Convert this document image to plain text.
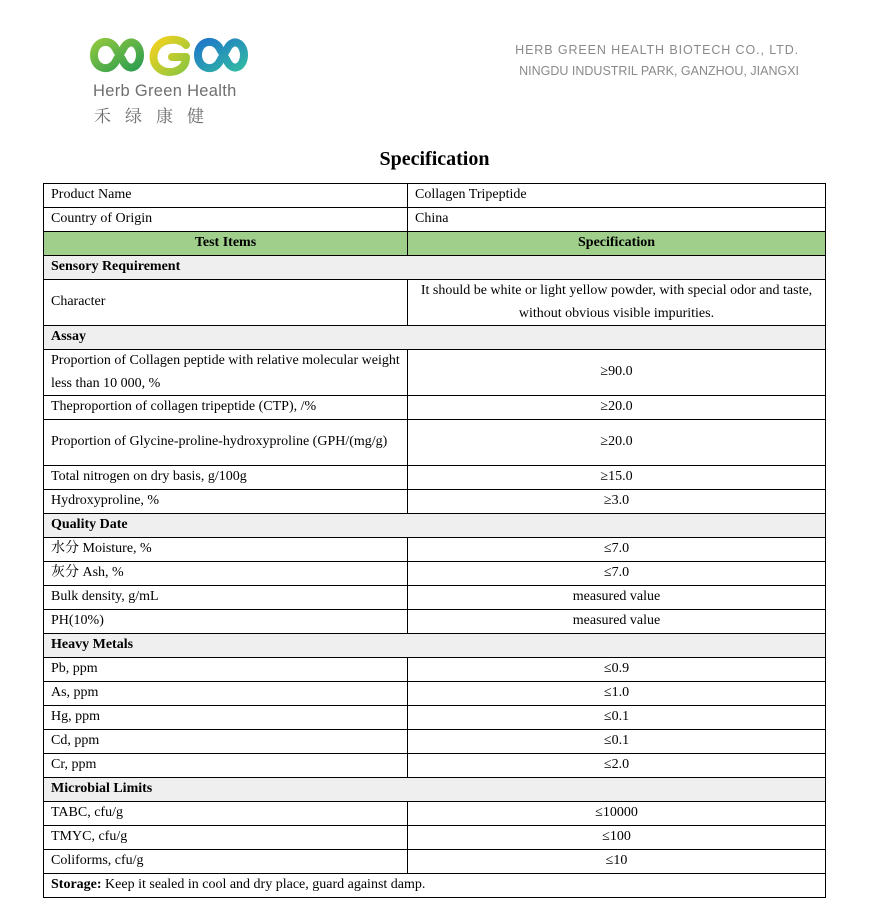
Herb Green Health
禾绿康健
HERB GREEN HEALTH BIOTECH CO., LTD.
NINGDU INDUSTRIL PARK, GANZHOU, JIANGXI
Specification
Product Name	Collagen Tripeptide
Country of Origin	China
Test Items	Specification
Sensory Requirement	
Character	It should be white or light yellow powder, with special odor and taste, without obvious visible impurities.
Assay	
Proportion of Collagen peptide with relative molecular weight less than 10 000, %	≥90.0
Theproportion of collagen tripeptide (CTP), /%	≥20.0
Proportion of Glycine-proline-hydroxyproline (GPH/(mg/g)	≥20.0
Total nitrogen on dry basis, g/100g	≥15.0
Hydroxyproline, %	≥3.0
Quality Date	
水分 Moisture, %	≤7.0
灰分 Ash, %	≤7.0
Bulk density, g/mL	measured value
PH(10%)	measured value
Heavy Metals	
Pb, ppm	≤0.9
As, ppm	≤1.0
Hg, ppm	≤0.1
Cd, ppm	≤0.1
Cr, ppm	≤2.0
Microbial Limits	
TABC, cfu/g	≤10000
TMYC, cfu/g	≤100
Coliforms, cfu/g	≤10
Storage: Keep it sealed in cool and dry place, guard against damp.	
